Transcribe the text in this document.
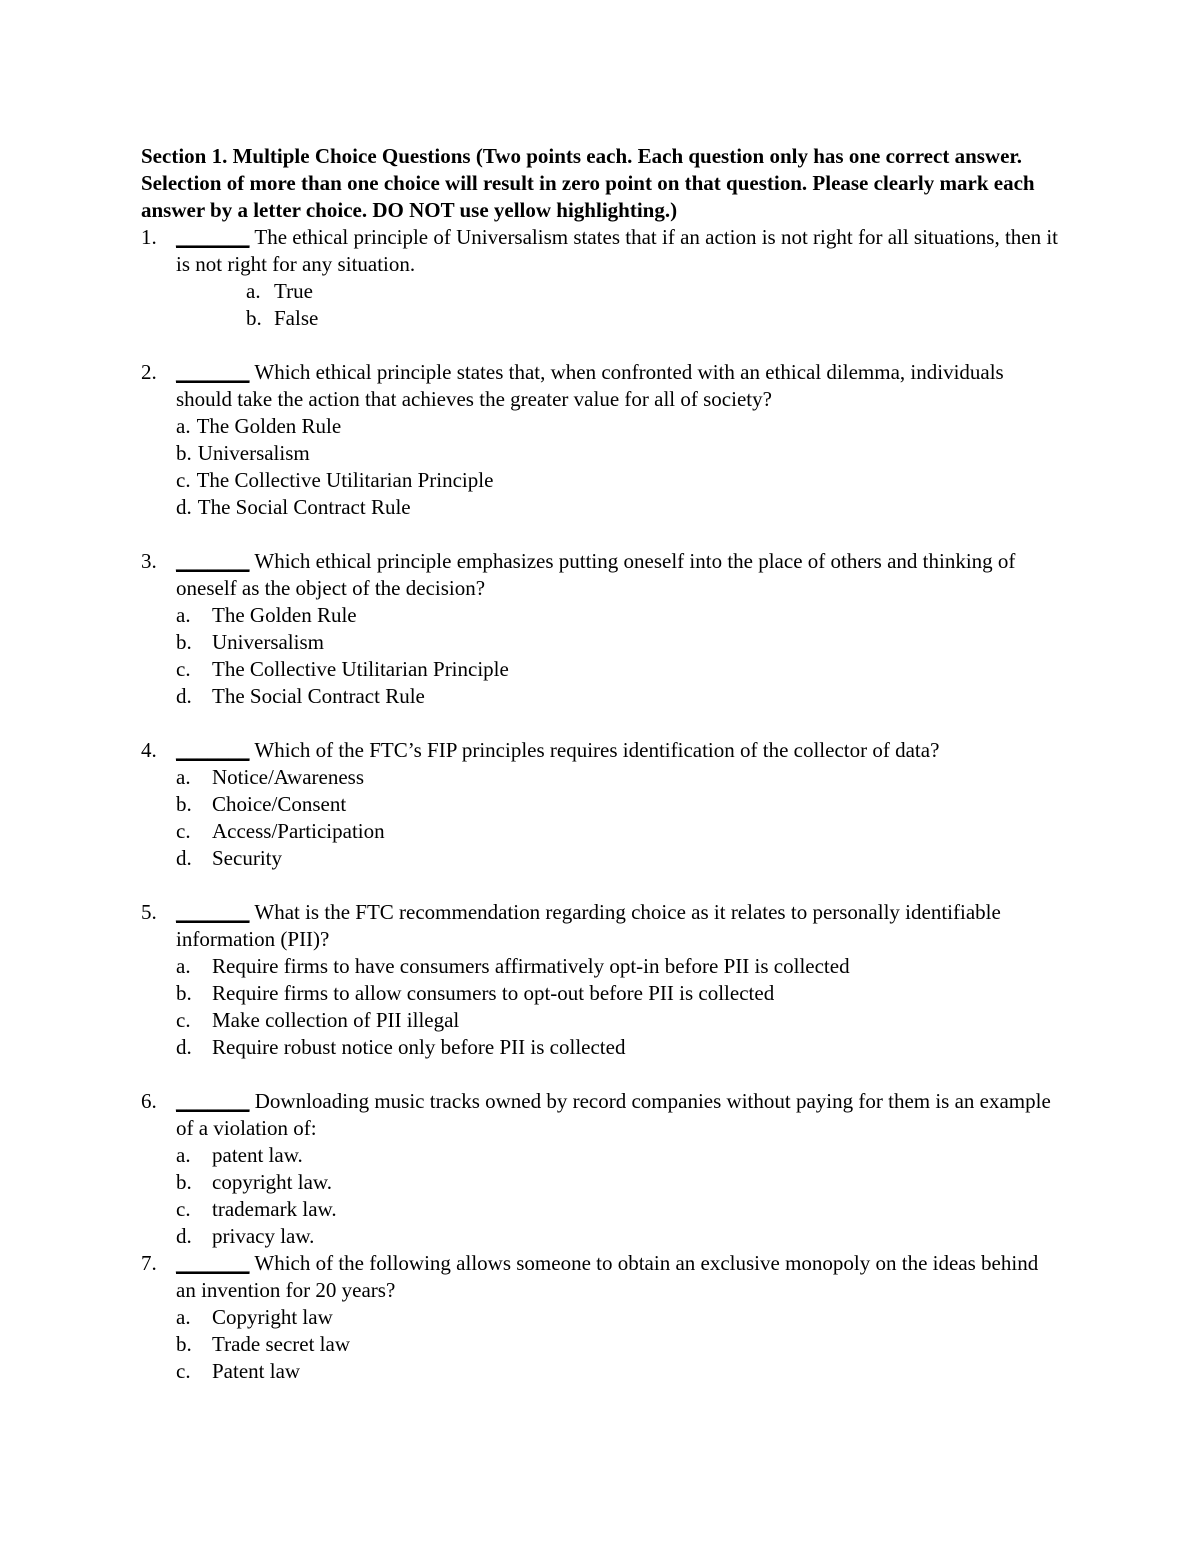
Section 1. Multiple Choice Questions (Two points each. Each question only has one correct answer. Selection of more than one choice will result in zero point on that question. Please clearly mark each answer by a letter choice. DO NOT use yellow highlighting.)

1. _______ The ethical principle of Universalism states that if an action is not right for all situations, then it is not right for any situation.
a. True
b. False
2. _______ Which ethical principle states that, when confronted with an ethical dilemma, individuals should take the action that achieves the greater value for all of society?
a. The Golden Rule
b. Universalism
c. The Collective Utilitarian Principle
d. The Social Contract Rule
3. _______ Which ethical principle emphasizes putting oneself into the place of others and thinking of oneself as the object of the decision?
a. The Golden Rule
b. Universalism
c. The Collective Utilitarian Principle
d. The Social Contract Rule
4. _______ Which of the FTC’s FIP principles requires identification of the collector of data?
a. Notice/Awareness
b. Choice/Consent
c. Access/Participation
d. Security
5. _______ What is the FTC recommendation regarding choice as it relates to personally identifiable information (PII)?
a. Require firms to have consumers affirmatively opt-in before PII is collected
b. Require firms to allow consumers to opt-out before PII is collected
c. Make collection of PII illegal
d. Require robust notice only before PII is collected
6. _______ Downloading music tracks owned by record companies without paying for them is an example of a violation of:
a. patent law.
b. copyright law.
c. trademark law.
d. privacy law.
7. _______ Which of the following allows someone to obtain an exclusive monopoly on the ideas behind an invention for 20 years?
a. Copyright law
b. Trade secret law
c. Patent law
